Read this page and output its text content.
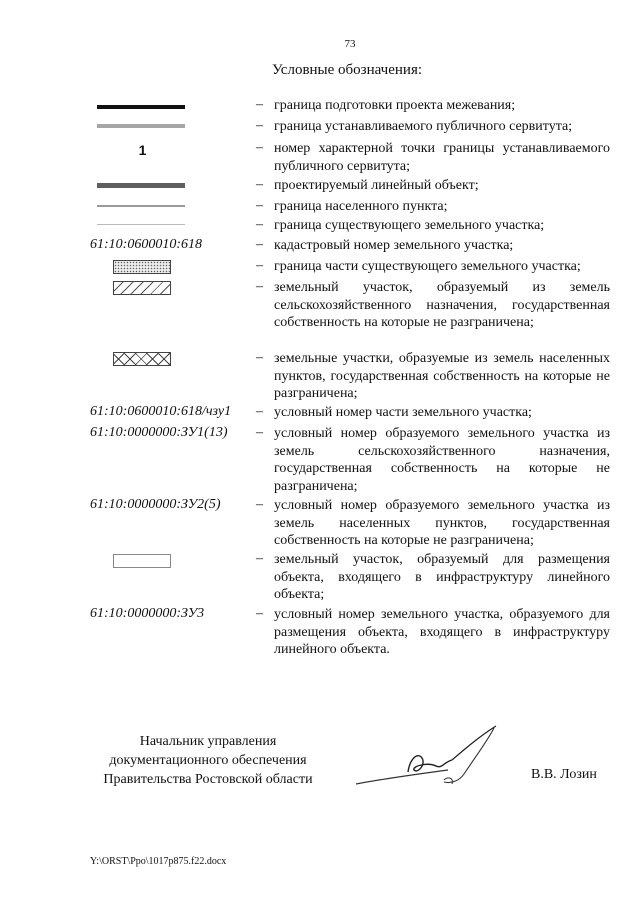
73
Условные обозначения:
– граница подготовки проекта межевания;
– граница устанавливаемого публичного сервитута;
1	– номер характерной точки границы устанавливаемого публичного сервитута;
– проектируемый линейный объект;
– граница населенного пункта;
– граница существующего земельного участка;
61:10:0600010:618	– кадастровый номер земельного участка;
– граница части существующего земельного участка;
– земельный участок, образуемый из земель сельскохозяйственного назначения, государственная собственность на которые не разграничена;
– земельные участки, образуемые из земель населенных пунктов, государственная собственность на которые не разграничена;
61:10:0600010:618/чзу1 – условный номер части земельного участка;
61:10:0000000:ЗУ1(13) – условный номер образуемого земельного участка из земель сельскохозяйственного назначения, государственная собственность на которые не разграничена;
61:10:0000000:ЗУ2(5)	– условный номер образуемого земельного участка из земель населенных пунктов, государственная собственность на которые не разграничена;
– земельный участок, образуемый для размещения объекта, входящего в инфраструктуру линейного объекта;
61:10:0000000:ЗУ3	– условный номер земельного участка, образуемого для размещения объекта, входящего в инфраструктуру линейного объекта.
Начальник управления
документационного обеспечения
Правительства Ростовской области	В.В. Лозин
Y:\ORST\Ppo\1017p875.f22.docx
